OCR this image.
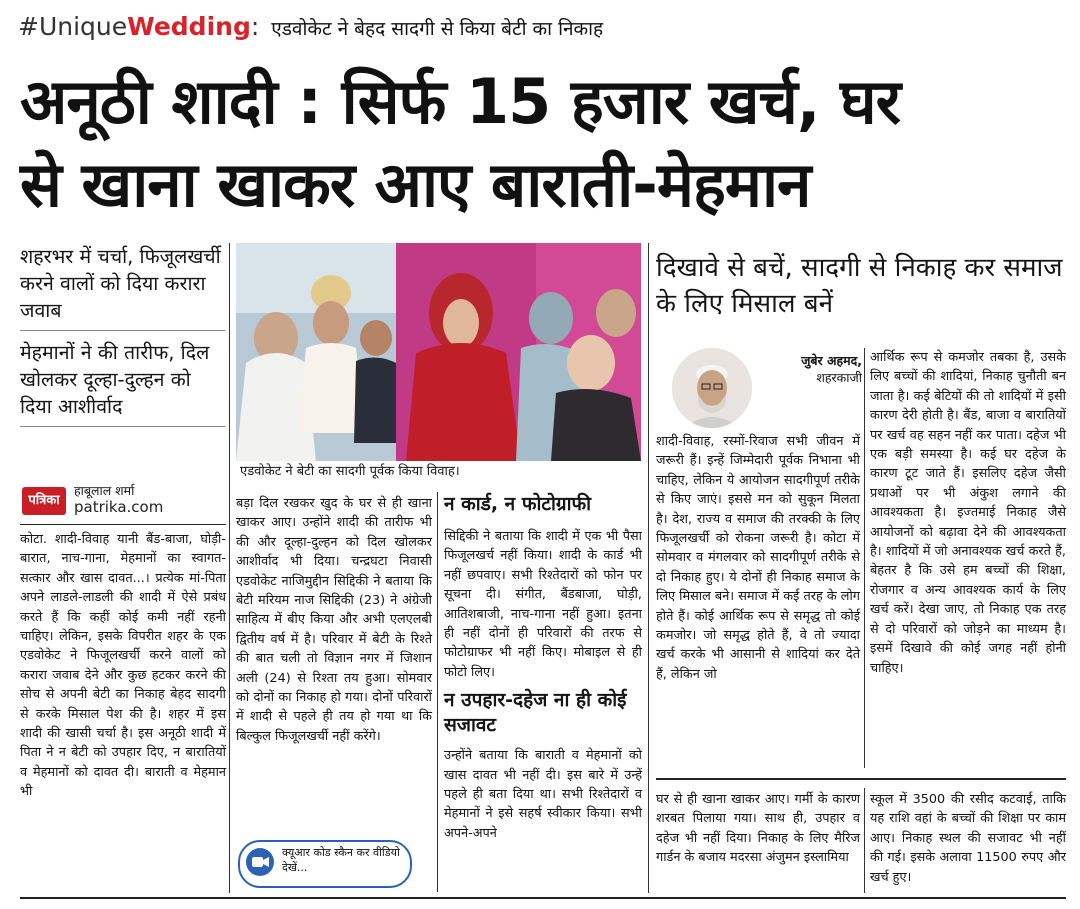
#UniqueWedding: एडवोकेट ने बेहद सादगी से किया बेटी का निकाह
अनूठी शादी : सिर्फ 15 हजार खर्च, घर
से खाना खाकर आए बाराती-मेहमान
शहरभर में चर्चा, फिजूलखर्ची करने वालों को दिया करारा जवाब
मेहमानों ने की तारीफ, दिल खोलकर दूल्हा-दुल्हन को दिया आशीर्वाद
एडवोकेट ने बेटी का सादगी पूर्वक किया विवाह।
पत्रिका
हाबूलाल शर्मा
patrika.com
कोटा. शादी-विवाह यानी बैंड-बाजा, घोड़ी-बारात, नाच-गाना, मेहमानों का स्वागत-सत्कार और खास दावत...। प्रत्येक मां-पिता अपने लाडले-लाडली की शादी में ऐसे प्रबंध करते हैं कि कहीं कोई कमी नहीं रहनी चाहिए। लेकिन, इसके विपरीत शहर के एक एडवोकेट ने फिजूलखर्ची करने वालों को करारा जवाब देने और कुछ हटकर करने की सोच से अपनी बेटी का निकाह बेहद सादगी से करके मिसाल पेश की है। शहर में इस शादी की खासी चर्चा है। इस अनूठी शादी में पिता ने न बेटी को उपहार दिए, न बारातियों व मेहमानों को दावत दी। बाराती व मेहमान भी
बड़ा दिल रखकर खुद के घर से ही खाना खाकर आए। उन्होंने शादी की तारीफ भी की और दूल्हा-दुल्हन को दिल खोलकर आशीर्वाद भी दिया। चन्द्रघटा निवासी एडवोकेट नाजिमुद्दीन सिद्दिकी ने बताया कि बेटी मरियम नाज सिद्दिकी (23) ने अंग्रेजी साहित्य में बीए किया और अभी एलएलबी द्वितीय वर्ष में है। परिवार में बेटी के रिश्ते की बात चली तो विज्ञान नगर में जिशान अली (24) से रिश्ता तय हुआ। सोमवार को दोनों का निकाह हो गया। दोनों परिवारों में शादी से पहले ही तय हो गया था कि बिल्कुल फिजूलखर्ची नहीं करेंगे।
क्यूआर कोड स्कैन कर वीडियो देखें...
न कार्ड, न फोटोग्राफी
सिद्दिकी ने बताया कि शादी में एक भी पैसा फिजूलखर्च नहीं किया। शादी के कार्ड भी नहीं छपवाए। सभी रिश्तेदारों को फोन पर सूचना दी। संगीत, बैंडबाजा, घोड़ी, आतिशबाजी, नाच-गाना नहीं हुआ। इतना ही नहीं दोनों ही परिवारों की तरफ से फोटोग्राफर भी नहीं किए। मोबाइल से ही फोटो लिए।
न उपहार-दहेज ना ही कोई सजावट
उन्होंने बताया कि बाराती व मेहमानों को खास दावत भी नहीं दी। इस बारे में उन्हें पहले ही बता दिया था। सभी रिश्तेदारों व मेहमानों ने इसे सहर्ष स्वीकार किया। सभी अपने-अपने
दिखावे से बचें, सादगी से निकाह कर समाज के लिए मिसाल बनें
जुबेर अहमद,
शहरकाजी
शादी-विवाह, रस्मों-रिवाज सभी जीवन में जरूरी हैं। इन्हें जिम्मेदारी पूर्वक निभाना भी चाहिए, लेकिन ये आयोजन सादगीपूर्ण तरीके से किए जाएं। इससे मन को सुकून मिलता है। देश, राज्य व समाज की तरक्की के लिए फिजूलखर्ची को रोकना जरूरी है। कोटा में सोमवार व मंगलवार को सादगीपूर्ण तरीके से दो निकाह हुए। ये दोनों ही निकाह समाज के लिए मिसाल बने। समाज में कई तरह के लोग होते हैं। कोई आर्थिक रूप से समृद्ध तो कोई कमजोर। जो समृद्ध होते हैं, वे तो ज्यादा खर्च करके भी आसानी से शादियां कर देते हैं, लेकिन जो
आर्थिक रूप से कमजोर तबका है, उसके लिए बच्चों की शादियां, निकाह चुनौती बन जाता है। कई बेटियों की तो शादियों में इसी कारण देरी होती है। बैंड, बाजा व बारातियों पर खर्च वह सहन नहीं कर पाता। दहेज भी एक बड़ी समस्या है। कई घर दहेज के कारण टूट जाते हैं। इसलिए दहेज जैसी प्रथाओं पर भी अंकुश लगाने की आवश्यकता है। इज्तमाई निकाह जैसे आयोजनों को बढ़ावा देने की आवश्यकता है। शादियों में जो अनावश्यक खर्च करते हैं, बेहतर है कि उसे हम बच्चों की शिक्षा, रोजगार व अन्य आवश्यक कार्य के लिए खर्च करें। देखा जाए, तो निकाह एक तरह से दो परिवारों को जोड़ने का माध्यम है। इसमें दिखावे की कोई जगह नहीं होनी चाहिए।
घर से ही खाना खाकर आए। गर्मी के कारण शरबत पिलाया गया। साथ ही, उपहार व दहेज भी नहीं दिया। निकाह के लिए मैरिज गार्डन के बजाय मदरसा अंजुमन इस्लामिया
स्कूल में 3500 की रसीद कटवाई, ताकि यह राशि वहां के बच्चों की शिक्षा पर काम आए। निकाह स्थल की सजावट भी नहीं की गई। इसके अलावा 11500 रुपए और खर्च हुए।
